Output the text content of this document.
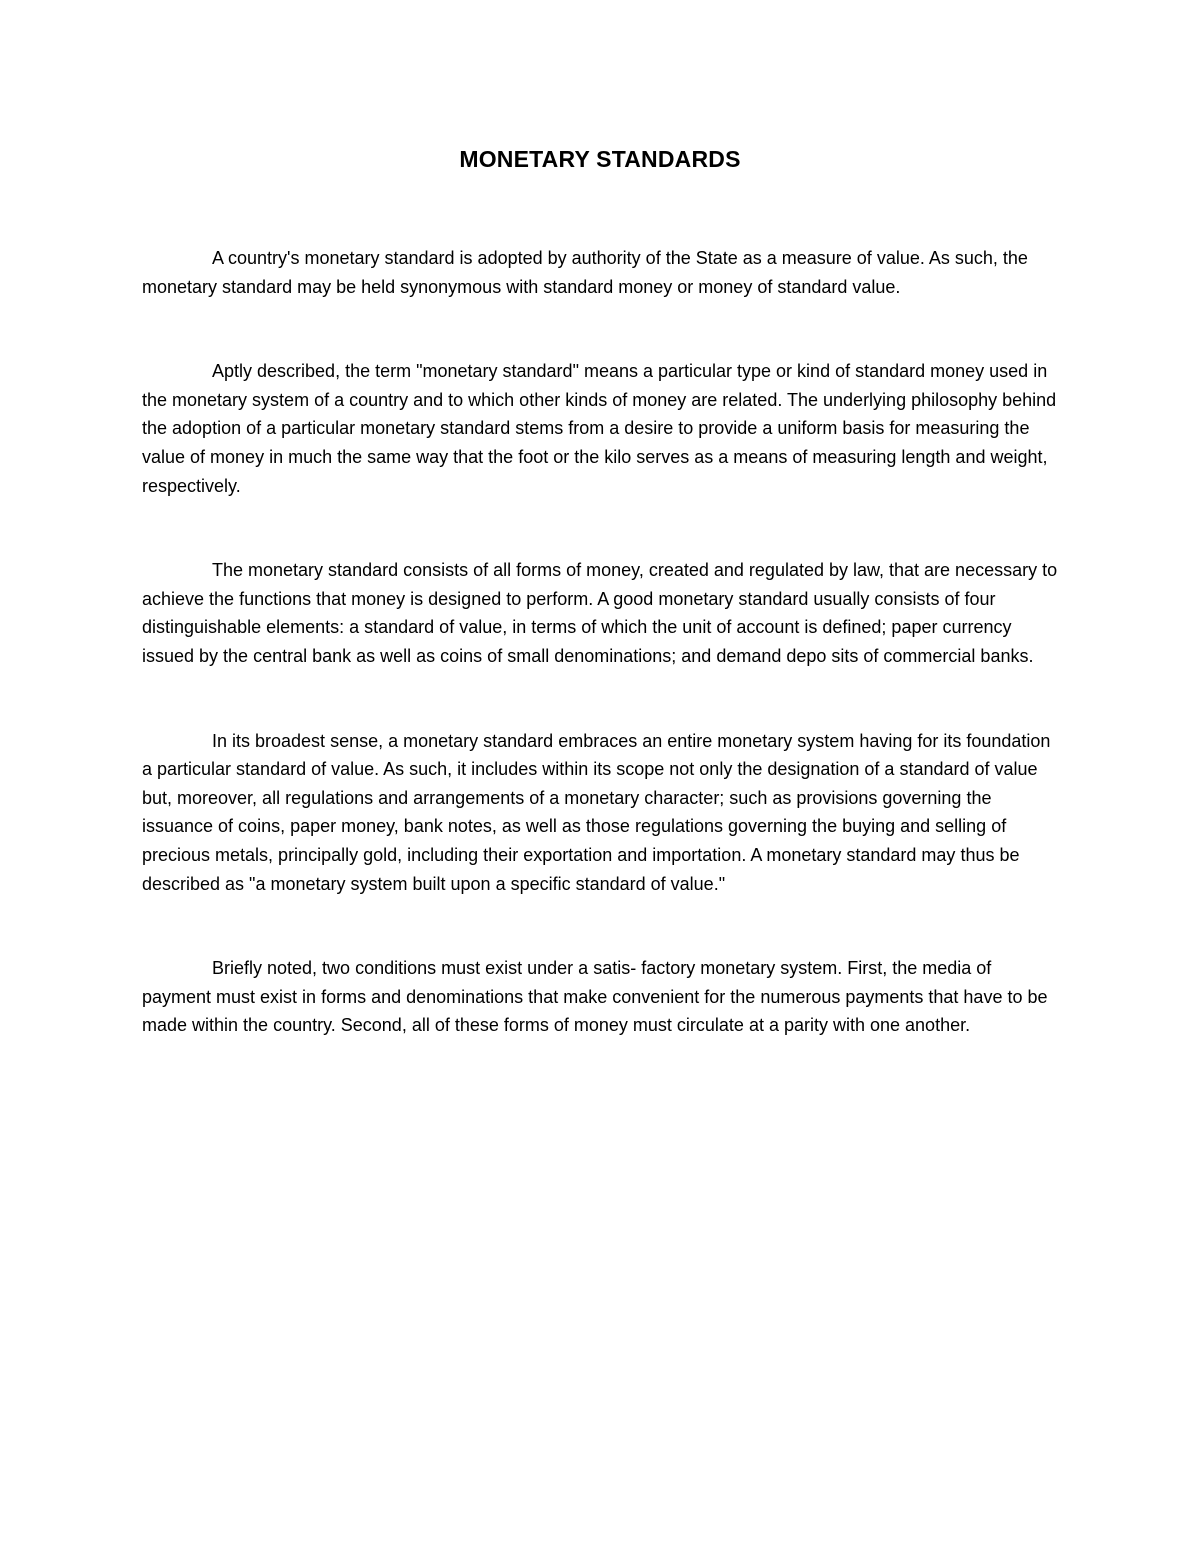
MONETARY STANDARDS

A country's monetary standard is adopted by authority of the State as a measure of value. As such, the monetary standard may be held synonymous with standard money or money of standard value.

Aptly described, the term "monetary standard" means a particular type or kind of standard money used in the monetary system of a country and to which other kinds of money are related. The underlying philosophy behind the adoption of a particular monetary standard stems from a desire to provide a uniform basis for measuring the value of money in much the same way that the foot or the kilo serves as a means of measuring length and weight, respectively.

The monetary standard consists of all forms of money, created and regulated by law, that are necessary to achieve the functions that money is designed to perform. A good monetary standard usually consists of four distinguishable elements: a standard of value, in terms of which the unit of account is defined; paper currency issued by the central bank as well as coins of small denominations; and demand depo sits of commercial banks.

In its broadest sense, a monetary standard embraces an entire monetary system having for its foundation a particular standard of value. As such, it includes within its scope not only the designation of a standard of value but, moreover, all regulations and arrangements of a monetary character; such as provisions governing the issuance of coins, paper money, bank notes, as well as those regulations governing the buying and selling of precious metals, principally gold, including their exportation and importation. A monetary standard may thus be described as "a monetary system built upon a specific standard of value."

Briefly noted, two conditions must exist under a satis- factory monetary system. First, the media of payment must exist in forms and denominations that make convenient for the numerous payments that have to be made within the country. Second, all of these forms of money must circulate at a parity with one another.
